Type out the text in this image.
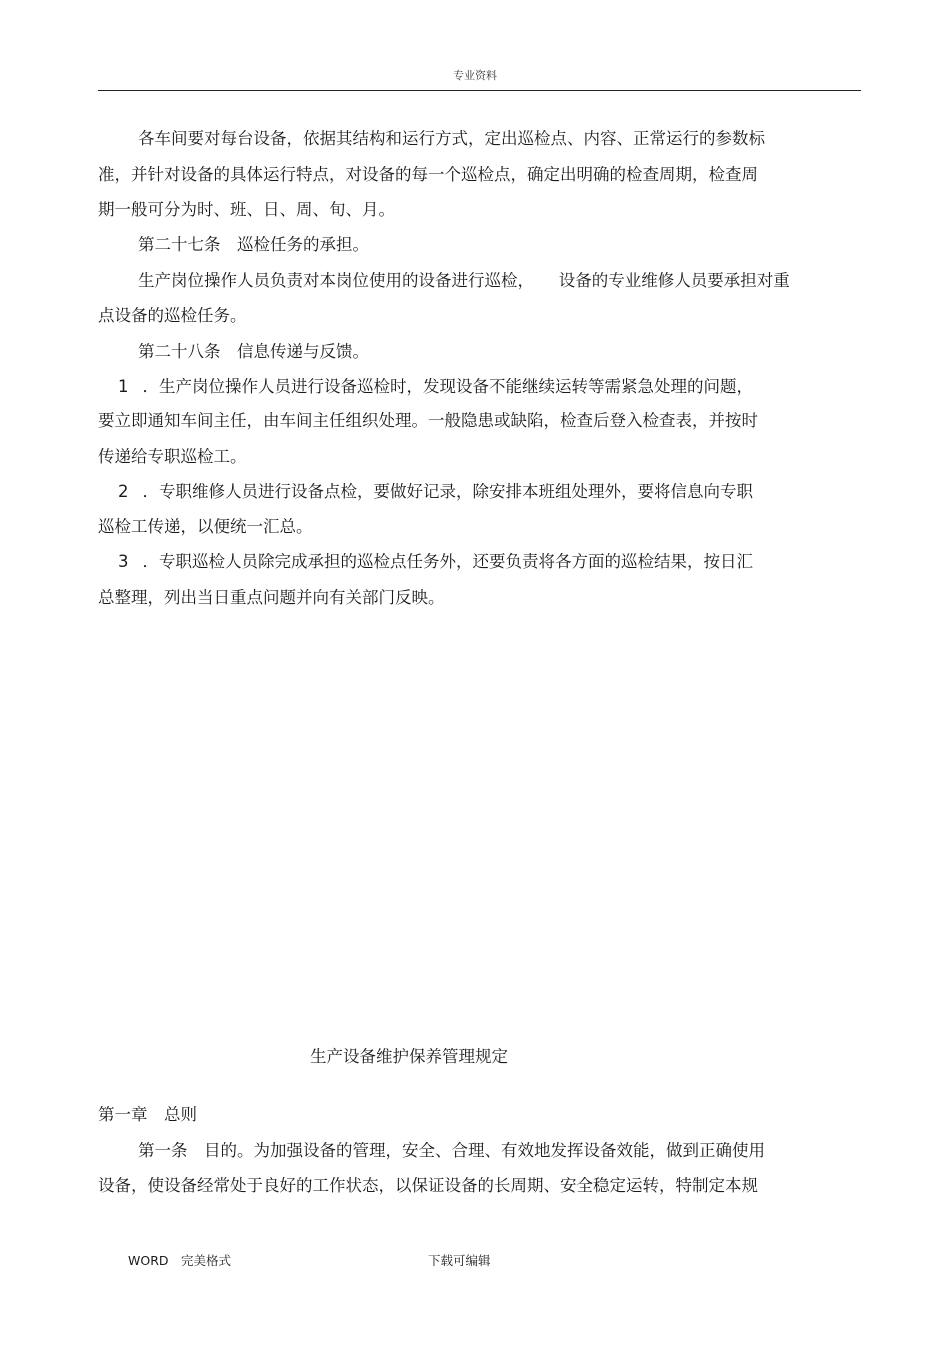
专业资料
各车间要对每台设备，依据其结构和运行方式，定出巡检点、内容、正常运行的参数标
准，并针对设备的具体运行特点，对设备的每一个巡检点，确定出明确的检查周期，检查周
期一般可分为时、班、日、周、旬、月。
第二十七条　巡检任务的承担。
生产岗位操作人员负责对本岗位使用的设备进行巡检，　　设备的专业维修人员要承担对重
点设备的巡检任务。
第二十八条　信息传递与反馈。
1 ．生产岗位操作人员进行设备巡检时，发现设备不能继续运转等需紧急处理的问题，
要立即通知车间主任，由车间主任组织处理。一般隐患或缺陷，检查后登入检查表，并按时
传递给专职巡检工。
2 ．专职维修人员进行设备点检，要做好记录，除安排本班组处理外，要将信息向专职
巡检工传递，以便统一汇总。
3 ．专职巡检人员除完成承担的巡检点任务外，还要负责将各方面的巡检结果，按日汇
总整理，列出当日重点问题并向有关部门反映。
生产设备维护保养管理规定
第一章　总则
第一条　目的。为加强设备的管理，安全、合理、有效地发挥设备效能，做到正确使用
设备，使设备经常处于良好的工作状态，以保证设备的长周期、安全稳定运转，特制定本规
WORD　完美格式	下载可编辑
